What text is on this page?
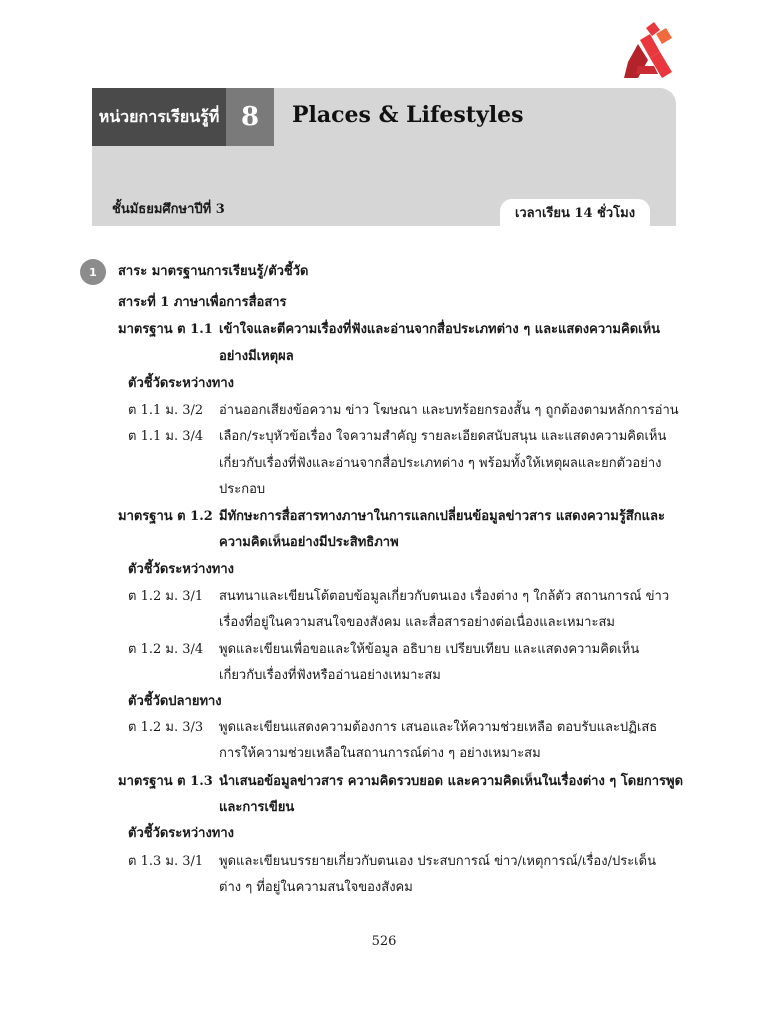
หน่วยการเรียนรู้ที่ 8	Places & Lifestyles
ชั้นมัธยมศึกษาปีที่ 3	เวลาเรียน 14 ชั่วโมง
1	สาระ มาตรฐานการเรียนรู้/ตัวชี้วัด
สาระที่ 1 ภาษาเพื่อการสื่อสาร
มาตรฐาน ต 1.1 เข้าใจและตีความเรื่องที่ฟังและอ่านจากสื่อประเภทต่าง ๆ และแสดงความคิดเห็น
อย่างมีเหตุผล
ตัวชี้วัดระหว่างทาง
ต 1.1 ม. 3/2 อ่านออกเสียงข้อความ ข่าว โฆษณา และบทร้อยกรองสั้น ๆ ถูกต้องตามหลักการอ่าน
ต 1.1 ม. 3/4 เลือก/ระบุหัวข้อเรื่อง ใจความสำคัญ รายละเอียดสนับสนุน และแสดงความคิดเห็น
เกี่ยวกับเรื่องที่ฟังและอ่านจากสื่อประเภทต่าง ๆ พร้อมทั้งให้เหตุผลและยกตัวอย่าง
ประกอบ
มาตรฐาน ต 1.2 มีทักษะการสื่อสารทางภาษาในการแลกเปลี่ยนข้อมูลข่าวสาร แสดงความรู้สึกและ
ความคิดเห็นอย่างมีประสิทธิภาพ
ตัวชี้วัดระหว่างทาง
ต 1.2 ม. 3/1 สนทนาและเขียนโต้ตอบข้อมูลเกี่ยวกับตนเอง เรื่องต่าง ๆ ใกล้ตัว สถานการณ์ ข่าว
เรื่องที่อยู่ในความสนใจของสังคม และสื่อสารอย่างต่อเนื่องและเหมาะสม
ต 1.2 ม. 3/4 พูดและเขียนเพื่อขอและให้ข้อมูล อธิบาย เปรียบเทียบ และแสดงความคิดเห็น
เกี่ยวกับเรื่องที่ฟังหรืออ่านอย่างเหมาะสม
ตัวชี้วัดปลายทาง
ต 1.2 ม. 3/3 พูดและเขียนแสดงความต้องการ เสนอและให้ความช่วยเหลือ ตอบรับและปฏิเสธ
การให้ความช่วยเหลือในสถานการณ์ต่าง ๆ อย่างเหมาะสม
มาตรฐาน ต 1.3 นำเสนอข้อมูลข่าวสาร ความคิดรวบยอด และความคิดเห็นในเรื่องต่าง ๆ โดยการพูด
และการเขียน
ตัวชี้วัดระหว่างทาง
ต 1.3 ม. 3/1 พูดและเขียนบรรยายเกี่ยวกับตนเอง ประสบการณ์ ข่าว/เหตุการณ์/เรื่อง/ประเด็น
ต่าง ๆ ที่อยู่ในความสนใจของสังคม
526
